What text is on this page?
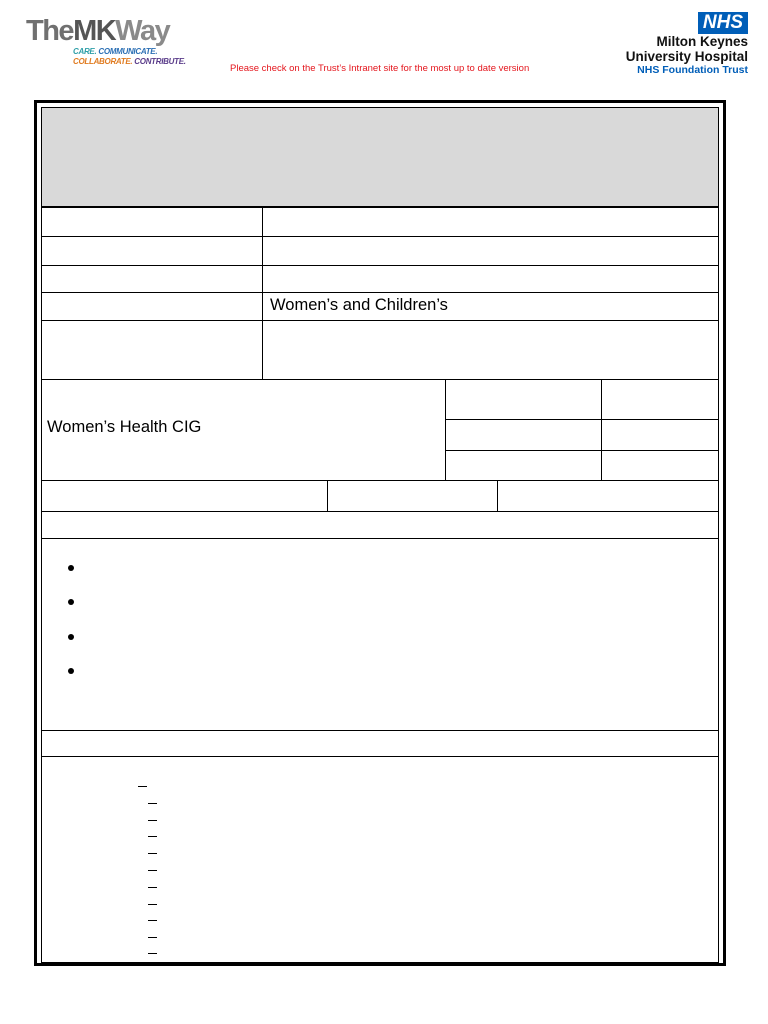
TheMKWay
CARE. COMMUNICATE.
COLLABORATE. CONTRIBUTE.
Please check on the Trust’s Intranet site for the most up to date version
NHS
Milton Keynes
University Hospital
NHS Foundation Trust
Women’s and Children’s
Women’s Health CIG
